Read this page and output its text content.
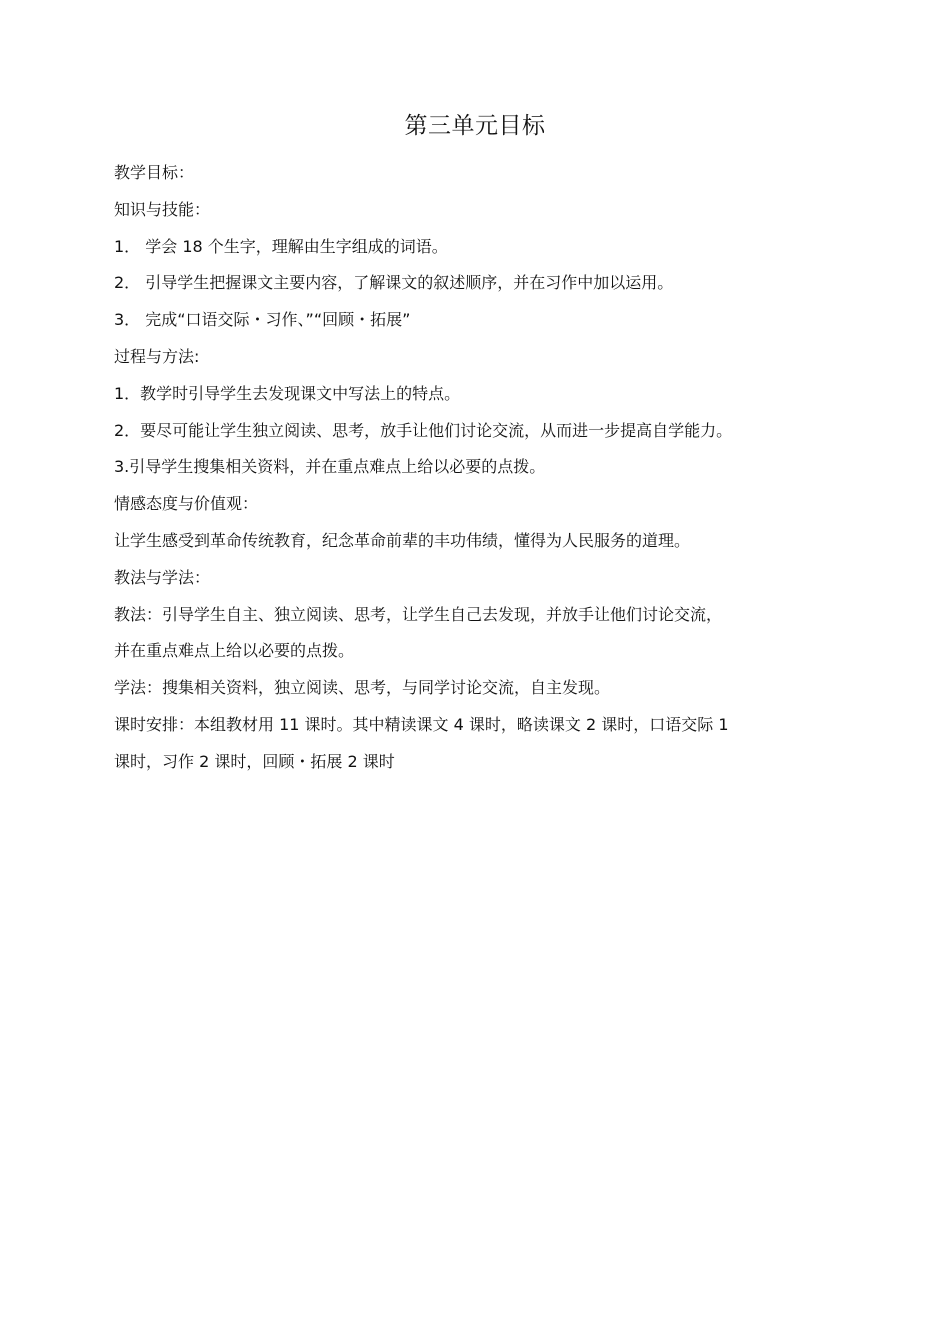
第三单元目标
教学目标：
知识与技能：
1． 学会 18 个生字，理解由生字组成的词语。
2． 引导学生把握课文主要内容，了解课文的叙述顺序，并在习作中加以运用。
3． 完成“口语交际・习作、”“回顾・拓展”
过程与方法:
1．教学时引导学生去发现课文中写法上的特点。
2．要尽可能让学生独立阅读、思考，放手让他们讨论交流，从而进一步提高自学能力。
3.引导学生搜集相关资料，并在重点难点上给以必要的点拨。
情感态度与价值观：
让学生感受到革命传统教育，纪念革命前辈的丰功伟绩，懂得为人民服务的道理。
教法与学法：
教法：引导学生自主、独立阅读、思考，让学生自己去发现，并放手让他们讨论交流，
并在重点难点上给以必要的点拨。
学法：搜集相关资料，独立阅读、思考，与同学讨论交流，自主发现。
课时安排：本组教材用 11 课时。其中精读课文 4 课时，略读课文 2 课时，口语交际 1
课时，习作 2 课时，回顾・拓展 2 课时
